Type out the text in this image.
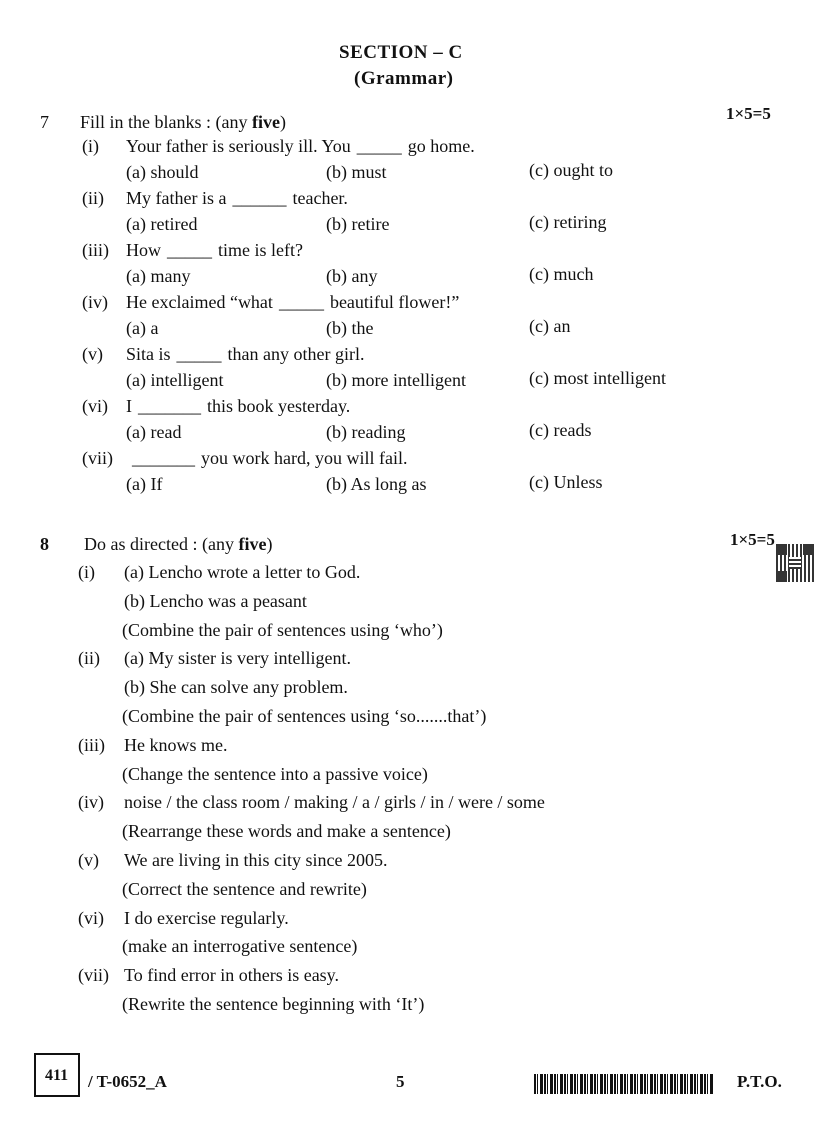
SECTION – C
(Grammar)
7 Fill in the blanks : (any five)	1×5=5
(i) Your father is seriously ill. You _____ go home.
(a) should	(b) must	(c) ought to
(ii) My father is a ______ teacher.
(a) retired	(b) retire	(c) retiring
(iii) How _____ time is left?
(a) many	(b) any	(c) much
(iv) He exclaimed “what _____ beautiful flower!”
(a) a	(b) the	(c) an
(v) Sita is _____ than any other girl.
(a) intelligent	(b) more intelligent	(c) most intelligent
(vi) I _______ this book yesterday.
(a) read	(b) reading	(c) reads
(vii)	_______ you work hard, you will fail.
(a) If	(b) As long as	(c) Unless
8 Do as directed : (any five)	1×5=5
(i) (a) Lencho wrote a letter to God.
(b) Lencho was a peasant
(Combine the pair of sentences using ‘who’)
(ii) (a) My sister is very intelligent.
(b) She can solve any problem.
(Combine the pair of sentences using ‘so.......that’)
(iii) He knows me.
(Change the sentence into a passive voice)
(iv) noise / the class room / making / a / girls / in / were / some
(Rearrange these words and make a sentence)
(v) We are living in this city since 2005.
(Correct the sentence and rewrite)
(vi) I do exercise regularly.
(make an interrogative sentence)
(vii) To find error in others is easy.
(Rewrite the sentence beginning with ‘It’)
411 / T-0652_A	5	P.T.O.
